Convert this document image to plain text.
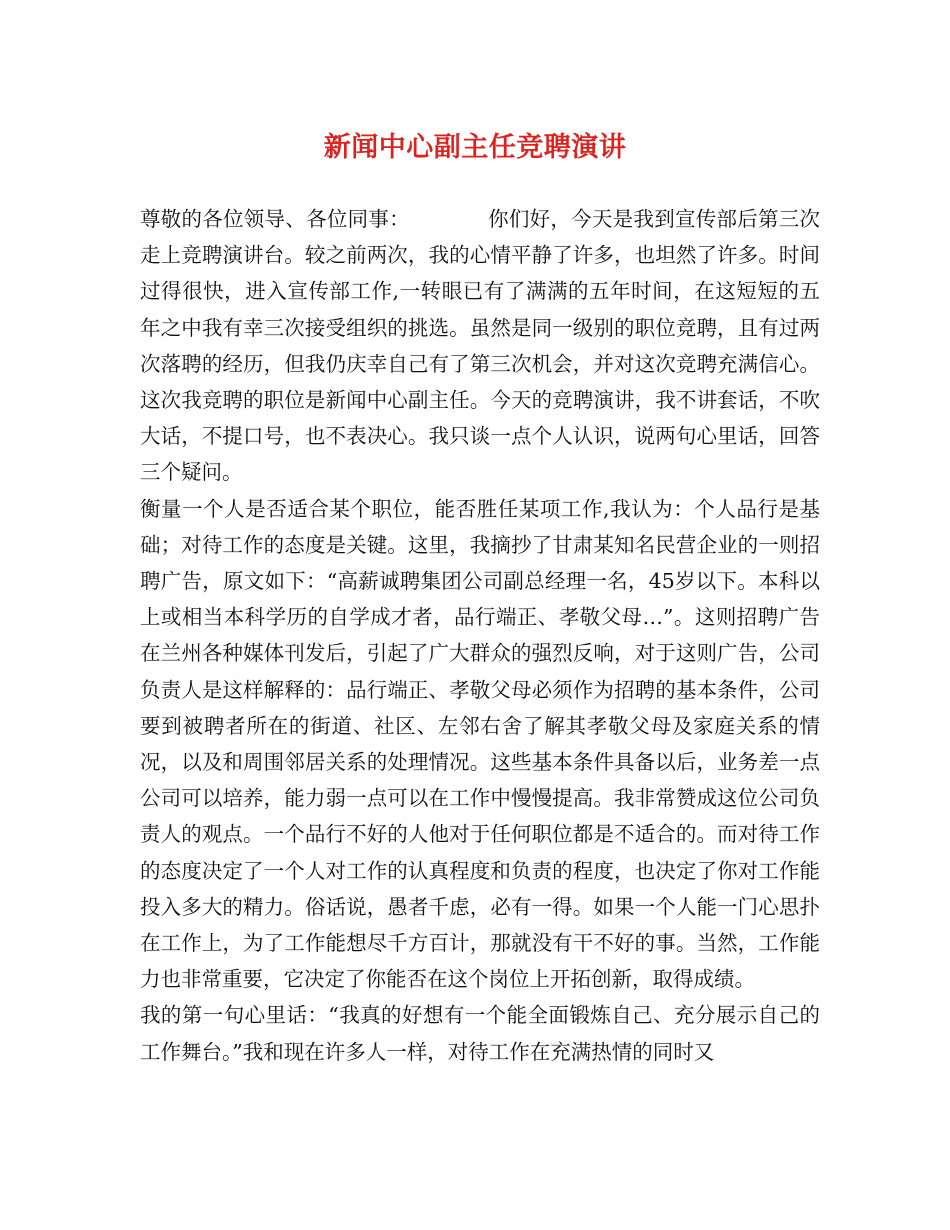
新闻中心副主任竞聘演讲

尊敬的各位领导、各位同事：	你们好，今天是我到宣传部后第三次走上竞聘演讲台。较之前两次，我的心情平静了许多，也坦然了许多。时间过得很快，进入宣传部工作,一转眼已有了满满的五年时间，在这短短的五年之中我有幸三次接受组织的挑选。虽然是同一级别的职位竞聘，且有过两次落聘的经历，但我仍庆幸自己有了第三次机会，并对这次竞聘充满信心。这次我竞聘的职位是新闻中心副主任。今天的竞聘演讲，我不讲套话，不吹大话，不提口号，也不表决心。我只谈一点个人认识，说两句心里话，回答三个疑问。

衡量一个人是否适合某个职位，能否胜任某项工作,我认为：个人品行是基础；对待工作的态度是关键。这里，我摘抄了甘肃某知名民营企业的一则招聘广告，原文如下：“高薪诚聘集团公司副总经理一名，45岁以下。本科以上或相当本科学历的自学成才者，品行端正、孝敬父母…”。这则招聘广告在兰州各种媒体刊发后，引起了广大群众的强烈反响，对于这则广告，公司负责人是这样解释的：品行端正、孝敬父母必须作为招聘的基本条件，公司要到被聘者所在的街道、社区、左邻右舍了解其孝敬父母及家庭关系的情况，以及和周围邻居关系的处理情况。这些基本条件具备以后，业务差一点公司可以培养，能力弱一点可以在工作中慢慢提高。我非常赞成这位公司负责人的观点。一个品行不好的人他对于任何职位都是不适合的。而对待工作的态度决定了一个人对工作的认真程度和负责的程度，也决定了你对工作能投入多大的精力。俗话说，愚者千虑，必有一得。如果一个人能一门心思扑在工作上，为了工作能想尽千方百计，那就没有干不好的事。当然，工作能力也非常重要，它决定了你能否在这个岗位上开拓创新，取得成绩。

我的第一句心里话：“我真的好想有一个能全面锻炼自己、充分展示自己的工作舞台。”我和现在许多人一样，对待工作在充满热情的同时又
